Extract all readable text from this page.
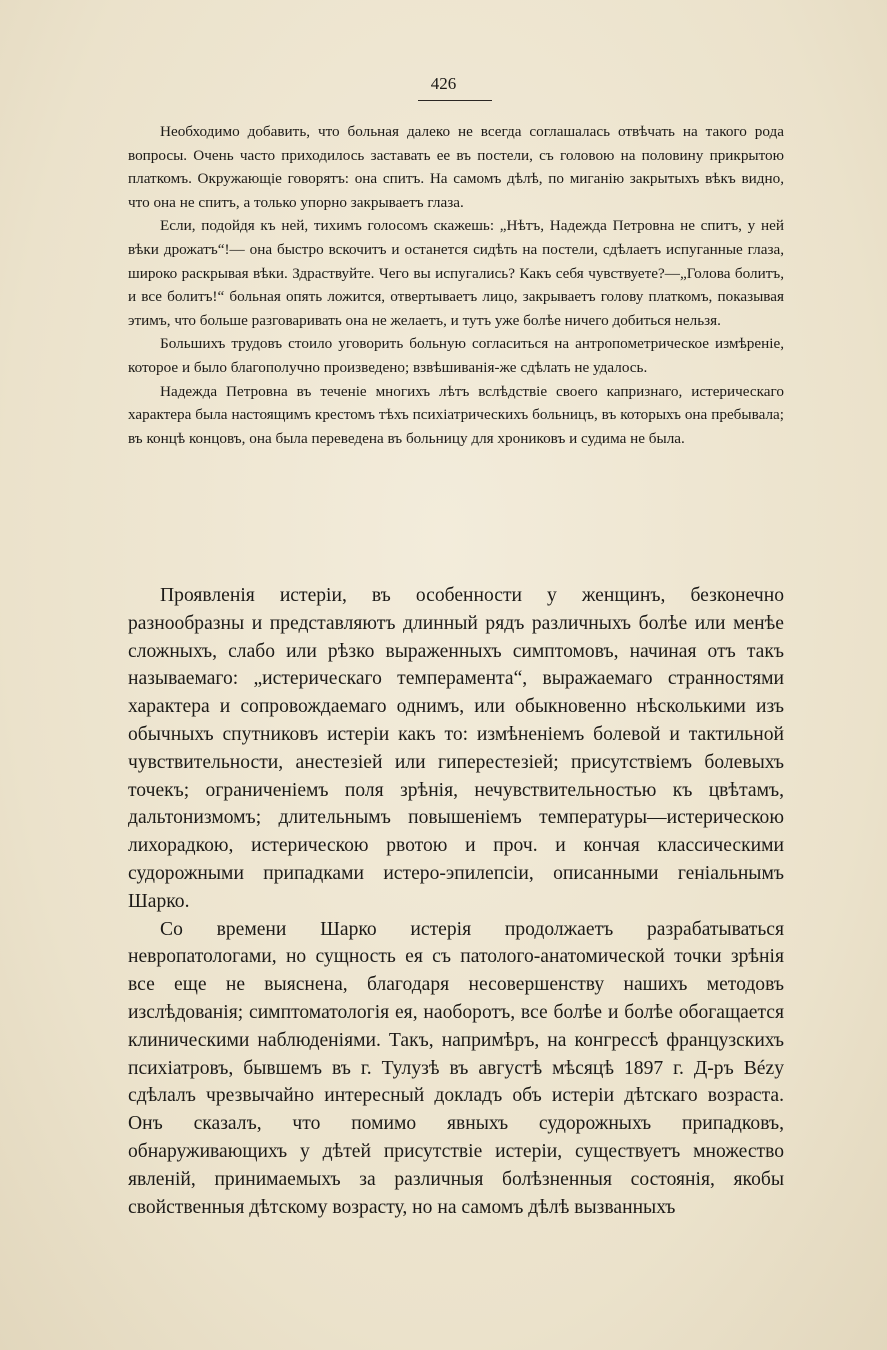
426

Необходимо добавить, что больная далеко не всегда соглашалась отвѣчать на такого рода вопросы. Очень часто приходилось заставать ее въ постели, съ головою на половину прикрытою платкомъ. Окружающіе говорятъ: она спитъ. На самомъ дѣлѣ, по миганію закрытыхъ вѣкъ видно, что она не спитъ, а только упорно закрываетъ глаза.

Если, подойдя къ ней, тихимъ голосомъ скажешь: „Нѣтъ, Надежда Петровна не спитъ, у ней вѣки дрожатъ“!— она быстро вскочитъ и останется сидѣть на постели, сдѣлаетъ испуганные глаза, широко раскрывая вѣки. Здраствуйте. Чего вы испугались? Какъ себя чувствуете?—„Голова болитъ, и все болитъ!“ больная опять ложится, отвертываетъ лицо, закрываетъ голову платкомъ, показывая этимъ, что больше разговаривать она не желаетъ, и тутъ уже болѣе ничего добиться нельзя.

Большихъ трудовъ стоило уговорить больную согласиться на антропометрическое измѣреніе, которое и было благополучно произведено; взвѣшиванія-же сдѣлать не удалось.

Надежда Петровна въ теченіе многихъ лѣтъ вслѣдствіе своего капризнаго, истерическаго характера была настоящимъ крестомъ тѣхъ психіатрическихъ больницъ, въ которыхъ она пребывала; въ концѣ концовъ, она была переведена въ больницу для хрониковъ и судима не была.

Проявленія истеріи, въ особенности у женщинъ, безконечно разнообразны и представляютъ длинный рядъ различныхъ болѣе или менѣе сложныхъ, слабо или рѣзко выраженныхъ симптомовъ, начиная отъ такъ называемаго: „истерическаго темперамента“, выражаемаго странностями характера и сопровождаемаго однимъ, или обыкновенно нѣсколькими изъ обычныхъ спутниковъ истеріи какъ то: измѣненіемъ болевой и тактильной чувствительности, анестезіей или гиперестезіей; присутствіемъ болевыхъ точекъ; ограниченіемъ поля зрѣнія, нечувствительностью къ цвѣтамъ, дальтонизмомъ; длительнымъ повышеніемъ температуры—истерическою лихорадкою, истерическою рвотою и проч. и кончая классическими судорожными припадками истеро-эпилепсіи, описанными геніальнымъ Шарко.

Со времени Шарко истерія продолжаетъ разрабатываться невропатологами, но сущность ея съ патолого-анатомической точки зрѣнія все еще не выяснена, благодаря несовершенству нашихъ методовъ изслѣдованія; симптоматологія ея, наоборотъ, все болѣе и болѣе обогащается клиническими наблюденіями. Такъ, напримѣръ, на конгрессѣ французскихъ психіатровъ, бывшемъ въ г. Тулузѣ въ августѣ мѣсяцѣ 1897 г. Д-ръ Bézy сдѣлалъ чрезвычайно интересный докладъ объ истеріи дѣтскаго возраста. Онъ сказалъ, что помимо явныхъ судорожныхъ припадковъ, обнаруживающихъ у дѣтей присутствіе истеріи, существуетъ множество явленій, принимаемыхъ за различныя болѣзненныя состоянія, якобы свойственныя дѣтскому возрасту, но на самомъ дѣлѣ вызванныхъ
